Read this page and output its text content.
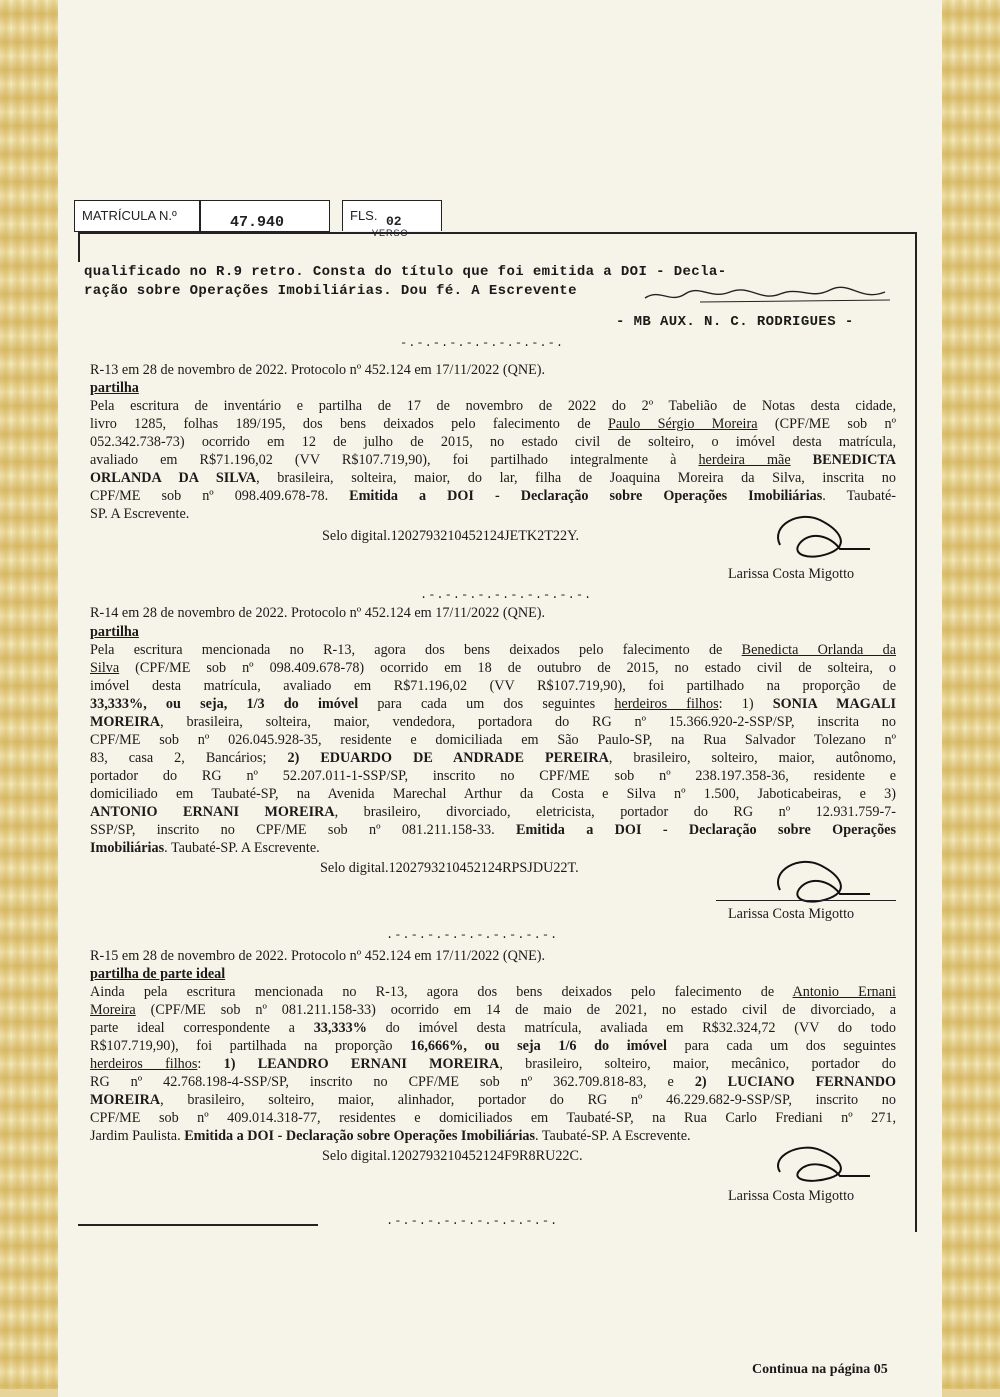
MATRÍCULA N.º	47.940	FLS. 02
VERSO
qualificado no R.9 retro. Consta do título que foi emitida a DOI - Decla-
ração sobre Operações Imobiliárias. Dou fé. A Escrevente
- MB AUX. N. C. RODRIGUES -
-.-.-.-.-.-.-.-.-.-.
R-13 em 28 de novembro de 2022. Protocolo nº 452.124 em 17/11/2022 (QNE).
partilha
Pela escritura de inventário e partilha de 17 de novembro de 2022 do 2º Tabelião de Notas desta cidade,
livro 1285, folhas 189/195, dos bens deixados pelo falecimento de Paulo Sérgio Moreira (CPF/ME sob nº
052.342.738-73) ocorrido em 12 de julho de 2015, no estado civil de solteiro, o imóvel desta matrícula,
avaliado em R$71.196,02 (VV R$107.719,90), foi partilhado integralmente à herdeira mãe BENEDICTA
ORLANDA DA SILVA, brasileira, solteira, maior, do lar, filha de Joaquina Moreira da Silva, inscrita no
CPF/ME sob nº 098.409.678-78. Emitida a DOI - Declaração sobre Operações Imobiliárias. Taubaté-
SP. A Escrevente.
Selo digital.1202793210452124JETK2T22Y.
Larissa Costa Migotto
.-.-.-.-.-.-.-.-.-.-.
R-14 em 28 de novembro de 2022. Protocolo nº 452.124 em 17/11/2022 (QNE).
partilha
Pela escritura mencionada no R-13, agora dos bens deixados pelo falecimento de Benedicta Orlanda da
Silva (CPF/ME sob nº 098.409.678-78) ocorrido em 18 de outubro de 2015, no estado civil de solteira, o
imóvel desta matrícula, avaliado em R$71.196,02 (VV R$107.719,90), foi partilhado na proporção de
33,333%, ou seja, 1/3 do imóvel para cada um dos seguintes herdeiros filhos: 1) SONIA MAGALI
MOREIRA, brasileira, solteira, maior, vendedora, portadora do RG nº 15.366.920-2-SSP/SP, inscrita no
CPF/ME sob nº 026.045.928-35, residente e domiciliada em São Paulo-SP, na Rua Salvador Tolezano nº
83, casa 2, Bancários; 2) EDUARDO DE ANDRADE PEREIRA, brasileiro, solteiro, maior, autônomo,
portador do RG nº 52.207.011-1-SSP/SP, inscrito no CPF/ME sob nº 238.197.358-36, residente e
domiciliado em Taubaté-SP, na Avenida Marechal Arthur da Costa e Silva nº 1.500, Jaboticabeiras, e 3)
ANTONIO ERNANI MOREIRA, brasileiro, divorciado, eletricista, portador do RG nº 12.931.759-7-
SSP/SP, inscrito no CPF/ME sob nº 081.211.158-33. Emitida a DOI - Declaração sobre Operações
Imobiliárias. Taubaté-SP. A Escrevente.
Selo digital.1202793210452124RPSJDU22T.
Larissa Costa Migotto
.-.-.-.-.-.-.-.-.-.-.
R-15 em 28 de novembro de 2022. Protocolo nº 452.124 em 17/11/2022 (QNE).
partilha de parte ideal
Ainda pela escritura mencionada no R-13, agora dos bens deixados pelo falecimento de Antonio Ernani
Moreira (CPF/ME sob nº 081.211.158-33) ocorrido em 14 de maio de 2021, no estado civil de divorciado, a
parte ideal correspondente a 33,333% do imóvel desta matrícula, avaliada em R$32.324,72 (VV do todo
R$107.719,90), foi partilhada na proporção 16,666%, ou seja 1/6 do imóvel para cada um dos seguintes
herdeiros filhos: 1) LEANDRO ERNANI MOREIRA, brasileiro, solteiro, maior, mecânico, portador do
RG nº 42.768.198-4-SSP/SP, inscrito no CPF/ME sob nº 362.709.818-83, e 2) LUCIANO FERNANDO
MOREIRA, brasileiro, solteiro, maior, alinhador, portador do RG nº 46.229.682-9-SSP/SP, inscrito no
CPF/ME sob nº 409.014.318-77, residentes e domiciliados em Taubaté-SP, na Rua Carlo Frediani nº 271,
Jardim Paulista. Emitida a DOI - Declaração sobre Operações Imobiliárias. Taubaté-SP. A Escrevente.
Selo digital.1202793210452124F9R8RU22C.
Larissa Costa Migotto
.-.-.-.-.-.-.-.-.-.-.
Continua na página 05
